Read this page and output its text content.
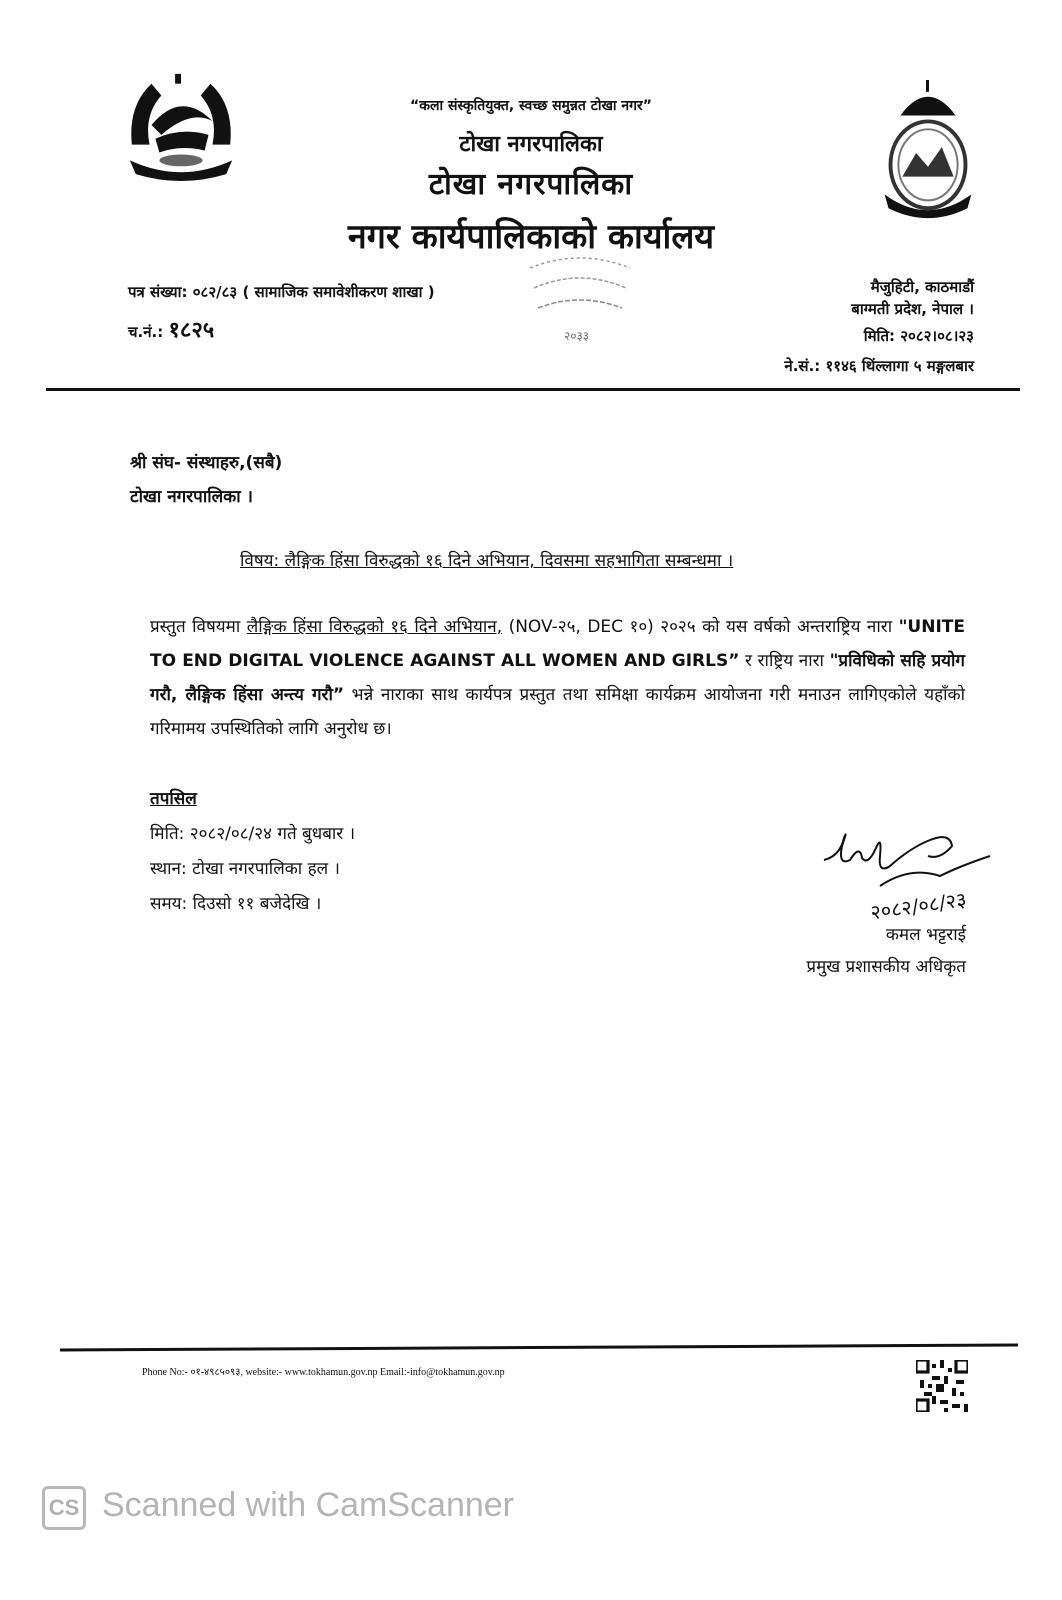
“कला संस्कृतियुक्त, स्वच्छ समुन्नत टोखा नगर”
टोखा नगरपालिका
टोखा नगरपालिका
नगर कार्यपालिकाको कार्यालय
२०३३
पत्र संख्या: ०८२/८३ ( सामाजिक समावेशीकरण शाखा )
च.नं.: १८२५
मैजुहिटी, काठमाडौं
बाग्मती प्रदेश, नेपाल ।
मिति: २०८२।०८।२३
ने.सं.: ११४६ थिंल्लागा ५ मङ्गलबार
श्री संघ- संस्थाहरु,(सबै)
टोखा नगरपालिका ।
विषय: लैङ्गिक हिंसा विरुद्धको १६ दिने अभियान, दिवसमा सहभागिता सम्बन्धमा ।
प्रस्तुत विषयमा लैङ्गिक हिंसा विरुद्धको १६ दिने अभियान, (NOV-२५, DEC १०) २०२५ को यस वर्षको अन्तराष्ट्रिय नारा "UNITE TO END DIGITAL VIOLENCE AGAINST ALL WOMEN AND GIRLS” र राष्ट्रिय नारा "प्रविधिको सहि प्रयोग गरौ, लैङ्गिक हिंसा अन्त्य गरौ” भन्ने नाराका साथ कार्यपत्र प्रस्तुत तथा समिक्षा कार्यक्रम आयोजना गरी मनाउन लागिएकोले यहाँको गरिमामय उपस्थितिको लागि अनुरोध छ।
तपसिल
मिति: २०८२/०८/२४ गते बुधबार ।
स्थान: टोखा नगरपालिका हल ।
समय: दिउसो ११ बजेदेखि ।	२०८२/०८/२३
कमल भट्टराई
प्रमुख प्रशासकीय अधिकृत
Phone No:- ०१-४९८५०९३, website:- www.tokhamun.gov.np Email:-info@tokhamun.gov.np
CS Scanned with CamScanner
